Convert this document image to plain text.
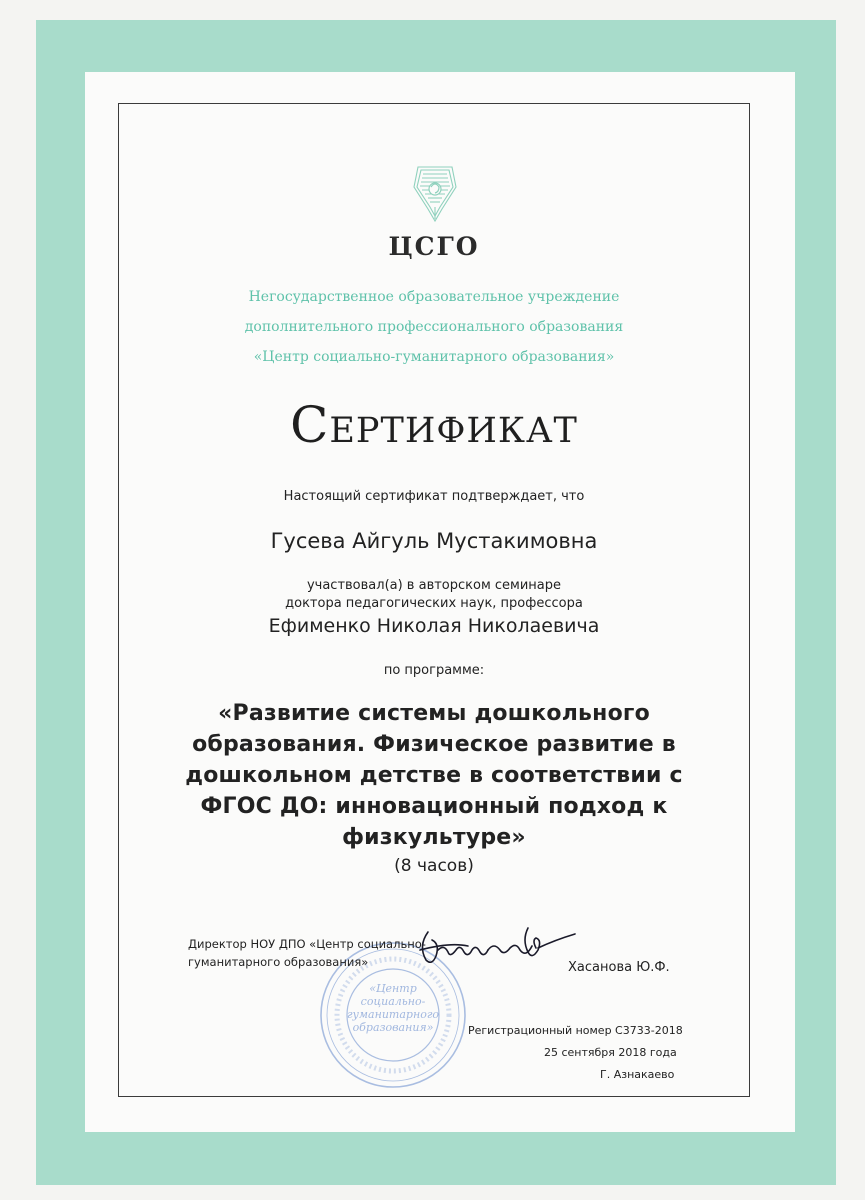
ЦСГО
Негосударственное образовательное учреждение
дополнительного профессионального образования
«Центр социально-гуманитарного образования»
Сертификат
Настоящий сертификат подтверждает, что
Гусева Айгуль Мустакимовна
участвовал(а) в авторском семинаре
доктора педагогических наук, профессора
Ефименко Николая Николаевича
по программе:
«Развитие системы дошкольного
образования. Физическое развитие в
дошкольном детстве в соответствии с
ФГОС ДО: инновационный подход к
физкультуре»
(8 часов)
«Центр
социально-
гуманитарного
образования»
Директор НОУ ДПО «Центр социально-
гуманитарного образования»	Хасанова Ю.Ф.
Регистрационный номер С3733-2018
25 сентября 2018 года
Г. Азнакаево
